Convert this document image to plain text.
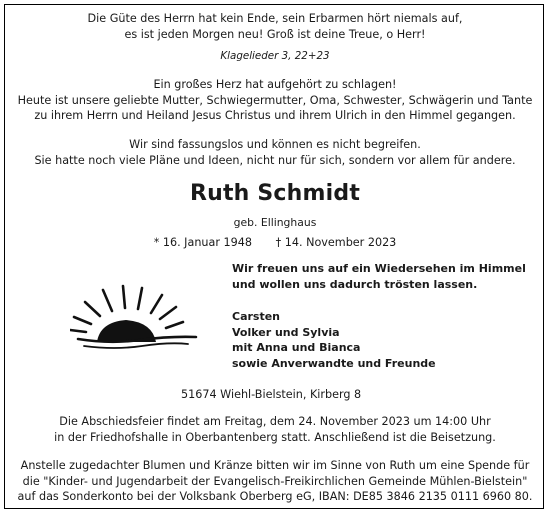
Die Güte des Herrn hat kein Ende, sein Erbarmen hört niemals auf,
es ist jeden Morgen neu! Groß ist deine Treue, o Herr!
Klagelieder 3, 22+23
Ein großes Herz hat aufgehört zu schlagen!
Heute ist unsere geliebte Mutter, Schwiegermutter, Oma, Schwester, Schwägerin und Tante
zu ihrem Herrn und Heiland Jesus Christus und ihrem Ulrich in den Himmel gegangen.
Wir sind fassungslos und können es nicht begreifen.
Sie hatte noch viele Pläne und Ideen, nicht nur für sich, sondern vor allem für andere.
Ruth Schmidt
geb. Ellinghaus
* 16. Januar 1948 † 14. November 2023
Wir freuen uns auf ein Wiedersehen im Himmel
und wollen uns dadurch trösten lassen.
Carsten
Volker und Sylvia
mit Anna und Bianca
sowie Anverwandte und Freunde
51674 Wiehl-Bielstein, Kirberg 8
Die Abschiedsfeier findet am Freitag, dem 24. November 2023 um 14:00 Uhr
in der Friedhofshalle in Oberbantenberg statt. Anschließend ist die Beisetzung.
Anstelle zugedachter Blumen und Kränze bitten wir im Sinne von Ruth um eine Spende für
die "Kinder- und Jugendarbeit der Evangelisch-Freikirchlichen Gemeinde Mühlen-Bielstein"
auf das Sonderkonto bei der Volksbank Oberberg eG, IBAN: DE85 3846 2135 0111 6960 80.
